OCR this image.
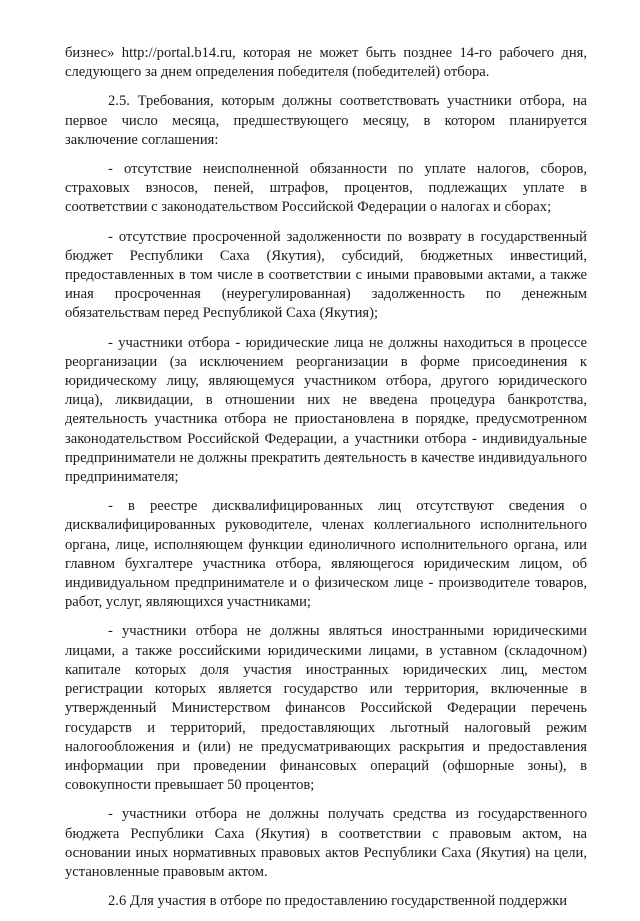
бизнес» http://portal.b14.ru, которая не может быть позднее 14-го рабочего дня, следующего за днем определения победителя (победителей) отбора.

2.5. Требования, которым должны соответствовать участники отбора, на первое число месяца, предшествующего месяцу, в котором планируется заключение соглашения:

- отсутствие неисполненной обязанности по уплате налогов, сборов, страховых взносов, пеней, штрафов, процентов, подлежащих уплате в соответствии с законодательством Российской Федерации о налогах и сборах;

- отсутствие просроченной задолженности по возврату в государственный бюджет Республики Саха (Якутия), субсидий, бюджетных инвестиций, предоставленных в том числе в соответствии с иными правовыми актами, а также иная просроченная (неурегулированная) задолженность по денежным обязательствам перед Республикой Саха (Якутия);

- участники отбора - юридические лица не должны находиться в процессе реорганизации (за исключением реорганизации в форме присоединения к юридическому лицу, являющемуся участником отбора, другого юридического лица), ликвидации, в отношении них не введена процедура банкротства, деятельность участника отбора не приостановлена в порядке, предусмотренном законодательством Российской Федерации, а участники отбора - индивидуальные предприниматели не должны прекратить деятельность в качестве индивидуального предпринимателя;

- в реестре дисквалифицированных лиц отсутствуют сведения о дисквалифицированных руководителе, членах коллегиального исполнительного органа, лице, исполняющем функции единоличного исполнительного органа, или главном бухгалтере участника отбора, являющегося юридическим лицом, об индивидуальном предпринимателе и о физическом лице - производителе товаров, работ, услуг, являющихся участниками;

- участники отбора не должны являться иностранными юридическими лицами, а также российскими юридическими лицами, в уставном (складочном) капитале которых доля участия иностранных юридических лиц, местом регистрации которых является государство или территория, включенные в утвержденный Министерством финансов Российской Федерации перечень государств и территорий, предоставляющих льготный налоговый режим налогообложения и (или) не предусматривающих раскрытия и предоставления информации при проведении финансовых операций (офшорные зоны), в совокупности превышает 50 процентов;

- участники отбора не должны получать средства из государственного бюджета Республики Саха (Якутия) в соответствии с правовым актом, на основании иных нормативных правовых актов Республики Саха (Якутия) на цели, установленные правовым актом.

2.6 Для участия в отборе по предоставлению государственной поддержки
